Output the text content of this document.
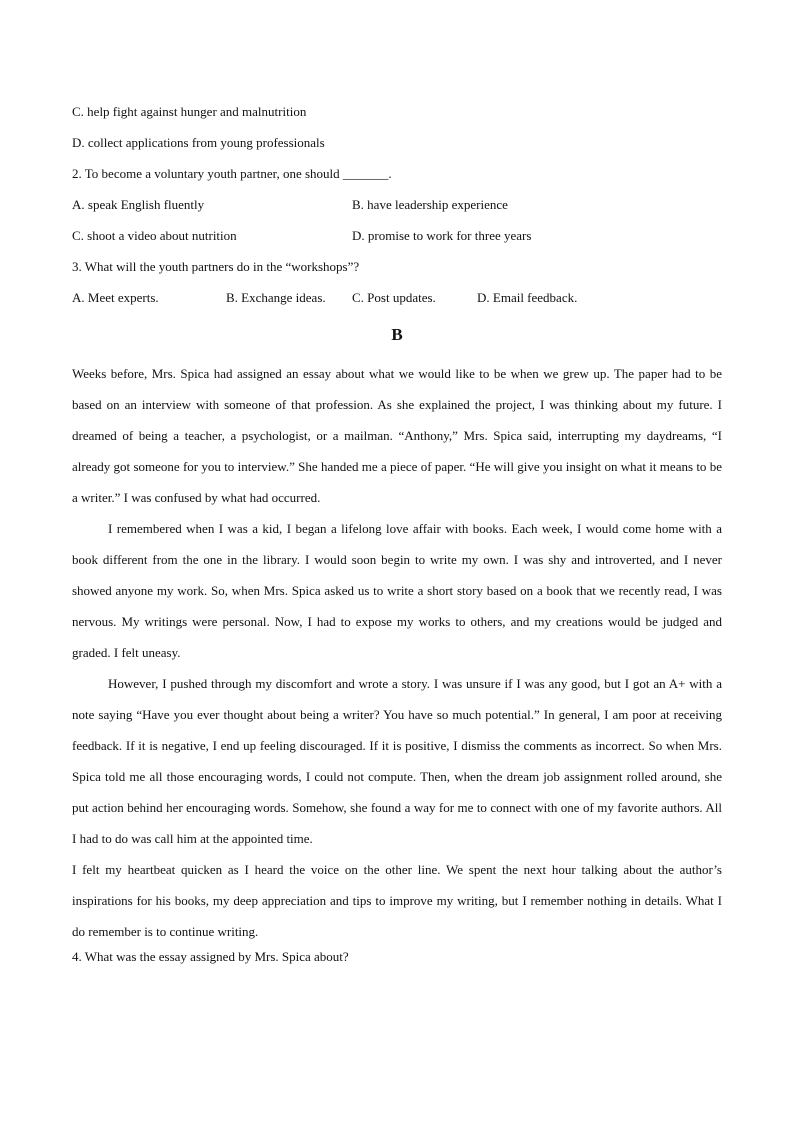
C. help fight against hunger and malnutrition

D. collect applications from young professionals

2. To become a voluntary youth partner, one should _______.

A. speak English fluently	B. have leadership experience
C. shoot a video about nutrition	D. promise to work for three years

3. What will the youth partners do in the “workshops”?

A. Meet experts.	B. Exchange ideas.	C. Post updates.	D. Email feedback.
B

Weeks before, Mrs. Spica had assigned an essay about what we would like to be when we grew up. The paper had to be based on an interview with someone of that profession. As she explained the project, I was thinking about my future. I dreamed of being a teacher, a psychologist, or a mailman. “Anthony,” Mrs. Spica said, interrupting my daydreams, “I already got someone for you to interview.” She handed me a piece of paper. “He will give you insight on what it means to be a writer.” I was confused by what had occurred.

I remembered when I was a kid, I began a lifelong love affair with books. Each week, I would come home with a book different from the one in the library. I would soon begin to write my own. I was shy and introverted, and I never showed anyone my work. So, when Mrs. Spica asked us to write a short story based on a book that we recently read, I was nervous. My writings were personal. Now, I had to expose my works to others, and my creations would be judged and graded. I felt uneasy.

However, I pushed through my discomfort and wrote a story. I was unsure if I was any good, but I got an A+ with a note saying “Have you ever thought about being a writer? You have so much potential.” In general, I am poor at receiving feedback. If it is negative, I end up feeling discouraged. If it is positive, I dismiss the comments as incorrect. So when Mrs. Spica told me all those encouraging words, I could not compute. Then, when the dream job assignment rolled around, she put action behind her encouraging words. Somehow, she found a way for me to connect with one of my favorite authors. All I had to do was call him at the appointed time.

I felt my heartbeat quicken as I heard the voice on the other line. We spent the next hour talking about the author’s inspirations for his books, my deep appreciation and tips to improve my writing, but I remember nothing in details. What I do remember is to continue writing.

4. What was the essay assigned by Mrs. Spica about?
